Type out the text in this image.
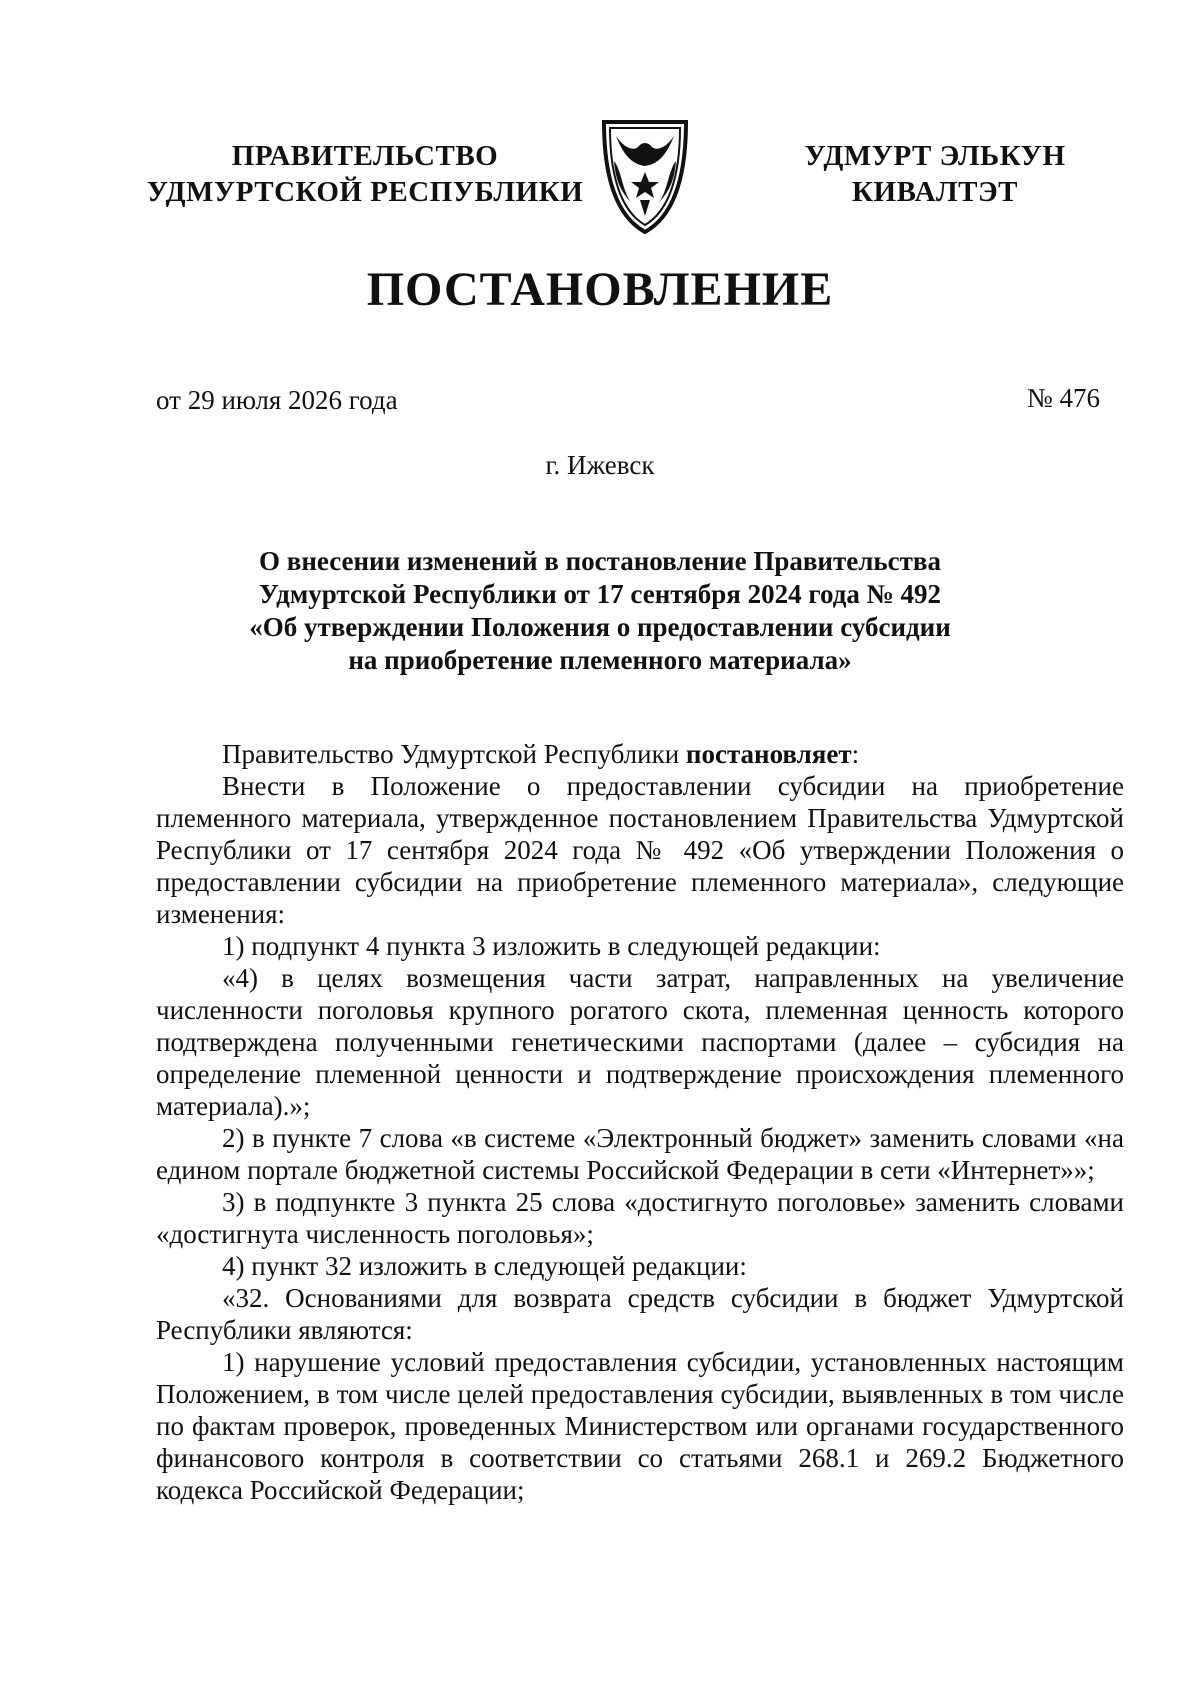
ПРАВИТЕЛЬСТВО
УДМУРТСКОЙ РЕСПУБЛИКИ
УДМУРТ ЭЛЬКУН
КИВАЛТЭТ
ПОСТАНОВЛЕНИЕ
от 29 июля 2026 года	№ 476
г. Ижевск
О внесении изменений в постановление Правительства
Удмуртской Республики от 17 сентября 2024 года № 492
«Об утверждении Положения о предоставлении субсидии
на приобретение племенного материала»

Правительство Удмуртской Республики постановляет:

Внести в Положение о предоставлении субсидии на приобретение племенного материала, утвержденное постановлением Правительства Удмуртской Республики от 17 сентября 2024 года № 492 «Об утверждении Положения о предоставлении субсидии на приобретение племенного материала», следующие изменения:

1) подпункт 4 пункта 3 изложить в следующей редакции:

«4) в целях возмещения части затрат, направленных на увеличение численности поголовья крупного рогатого скота, племенная ценность которого подтверждена полученными генетическими паспортами (далее – субсидия на определение племенной ценности и подтверждение происхождения племенного материала).»;

2) в пункте 7 слова «в системе «Электронный бюджет» заменить словами «на едином портале бюджетной системы Российской Федерации в сети «Интернет»»;

3) в подпункте 3 пункта 25 слова «достигнуто поголовье» заменить словами «достигнута численность поголовья»;

4) пункт 32 изложить в следующей редакции:

«32. Основаниями для возврата средств субсидии в бюджет Удмуртской Республики являются:

1) нарушение условий предоставления субсидии, установленных настоящим Положением, в том числе целей предоставления субсидии, выявленных в том числе по фактам проверок, проведенных Министерством или органами государственного финансового контроля в соответствии со статьями 268.1 и 269.2 Бюджетного кодекса Российской Федерации;
